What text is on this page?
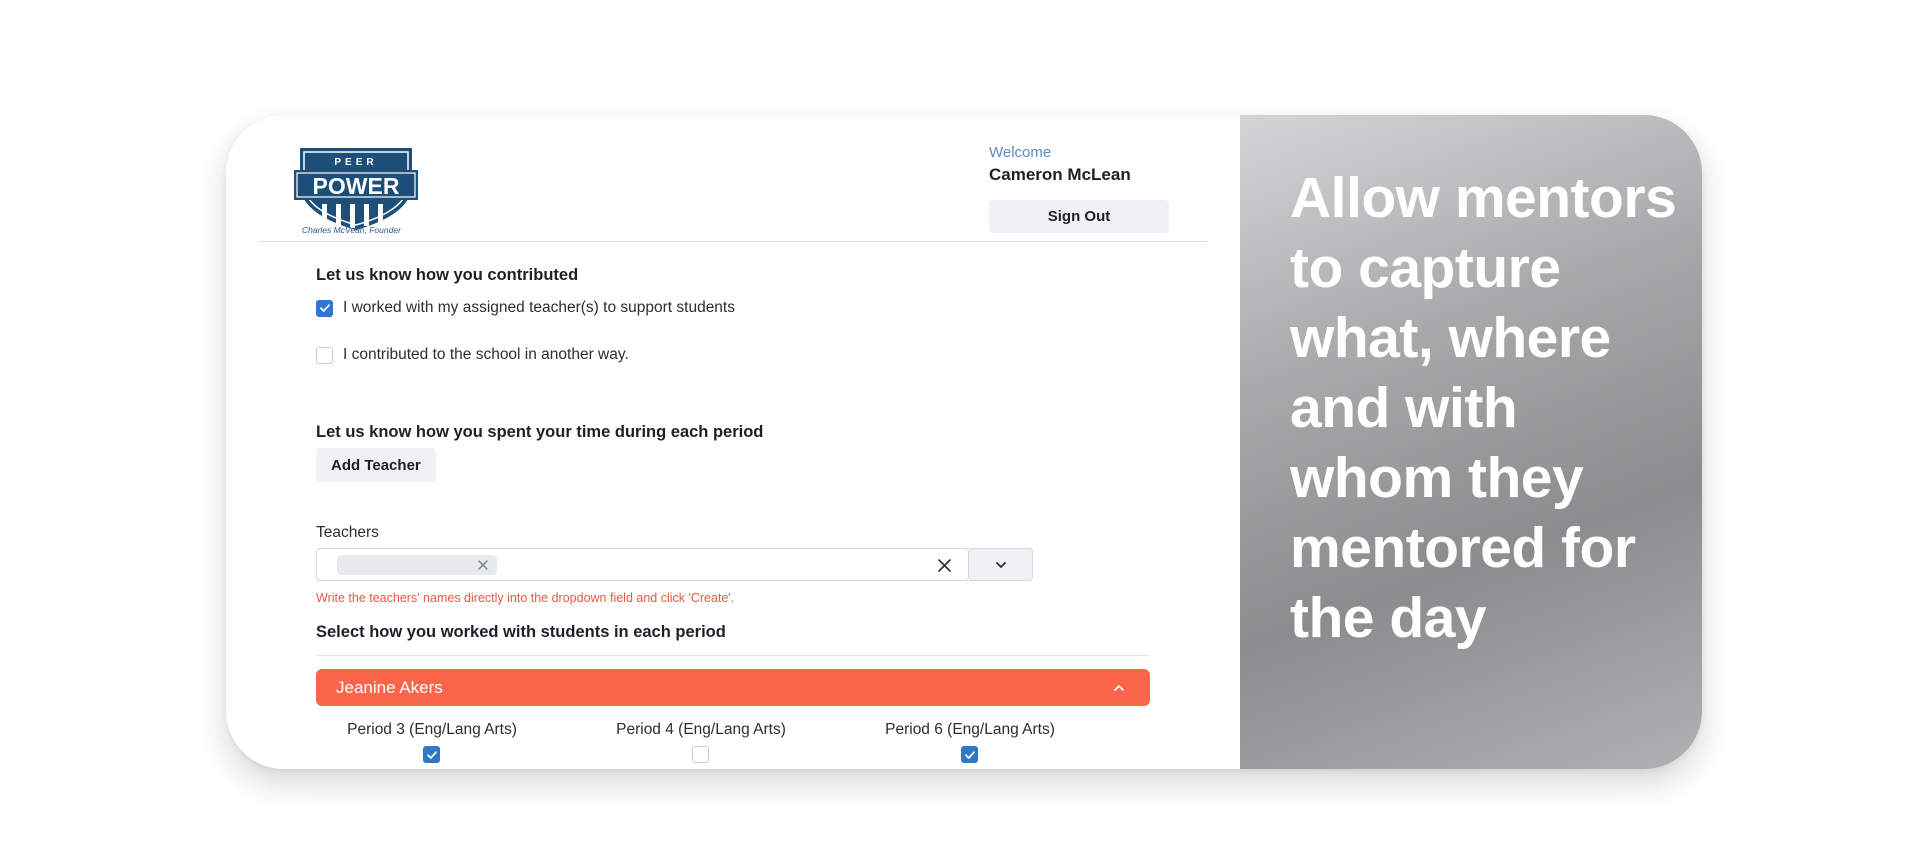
PEER
POWER
Charles McVean, Founder
Welcome
Cameron McLean
Sign Out
Let us know how you contributed
I worked with my assigned teacher(s) to support students
I contributed to the school in another way.
Let us know how you spent your time during each period
Add Teacher
Teachers
Write the teachers' names directly into the dropdown field and click 'Create'.
Select how you worked with students in each period
Jeanine Akers
Period 3 (Eng/Lang Arts)	Period 4 (Eng/Lang Arts)	Period 6 (Eng/Lang Arts)
Allow mentors to capture what, where and with whom they mentored for the day
